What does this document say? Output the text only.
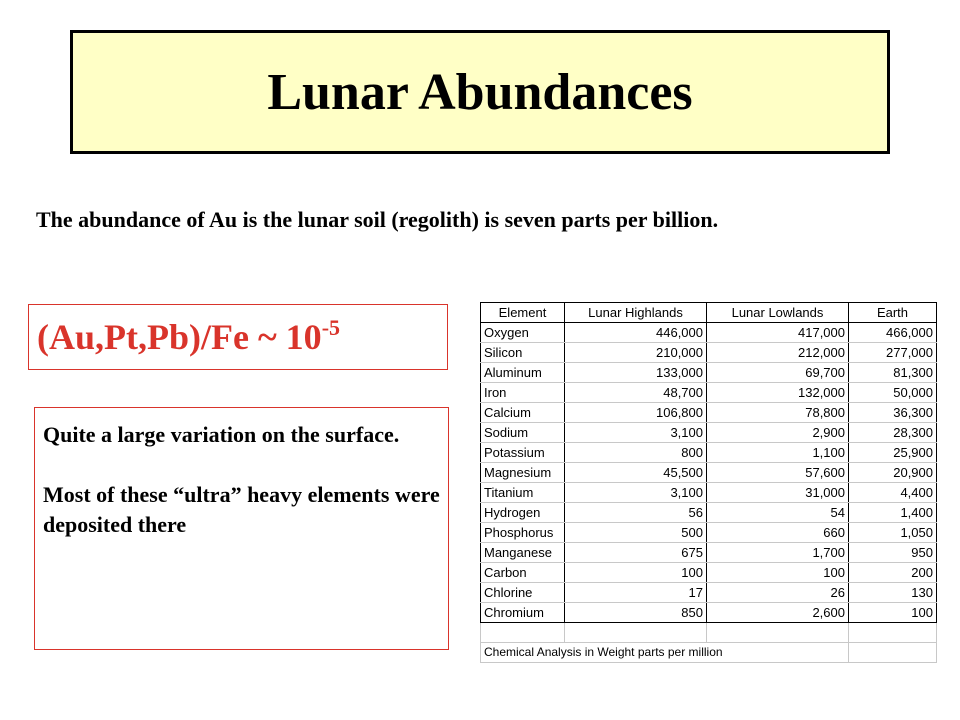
Lunar Abundances
The abundance of Au is the lunar soil (regolith) is seven parts per billion.
(Au,Pt,Pb)/Fe ~ $10^{-5}$
Quite a large variation on the surface.
Most of these “ultra” heavy elements were deposited there
Element	Lunar Highlands	Lunar Lowlands	Earth
Oxygen	446,000	417,000	466,000
Silicon	210,000	212,000	277,000
Aluminum	133,000	69,700	81,300
Iron	48,700	132,000	50,000
Calcium	106,800	78,800	36,300
Sodium	3,100	2,900	28,300
Potassium	800	1,100	25,900
Magnesium	45,500	57,600	20,900
Titanium	3,100	31,000	4,400
Hydrogen	56	54	1,400
Phosphorus	500	660	1,050
Manganese	675	1,700	950
Carbon	100	100	200
Chlorine	17	26	130
Chromium	850	2,600	100

Chemical Analysis in Weight parts per million			
